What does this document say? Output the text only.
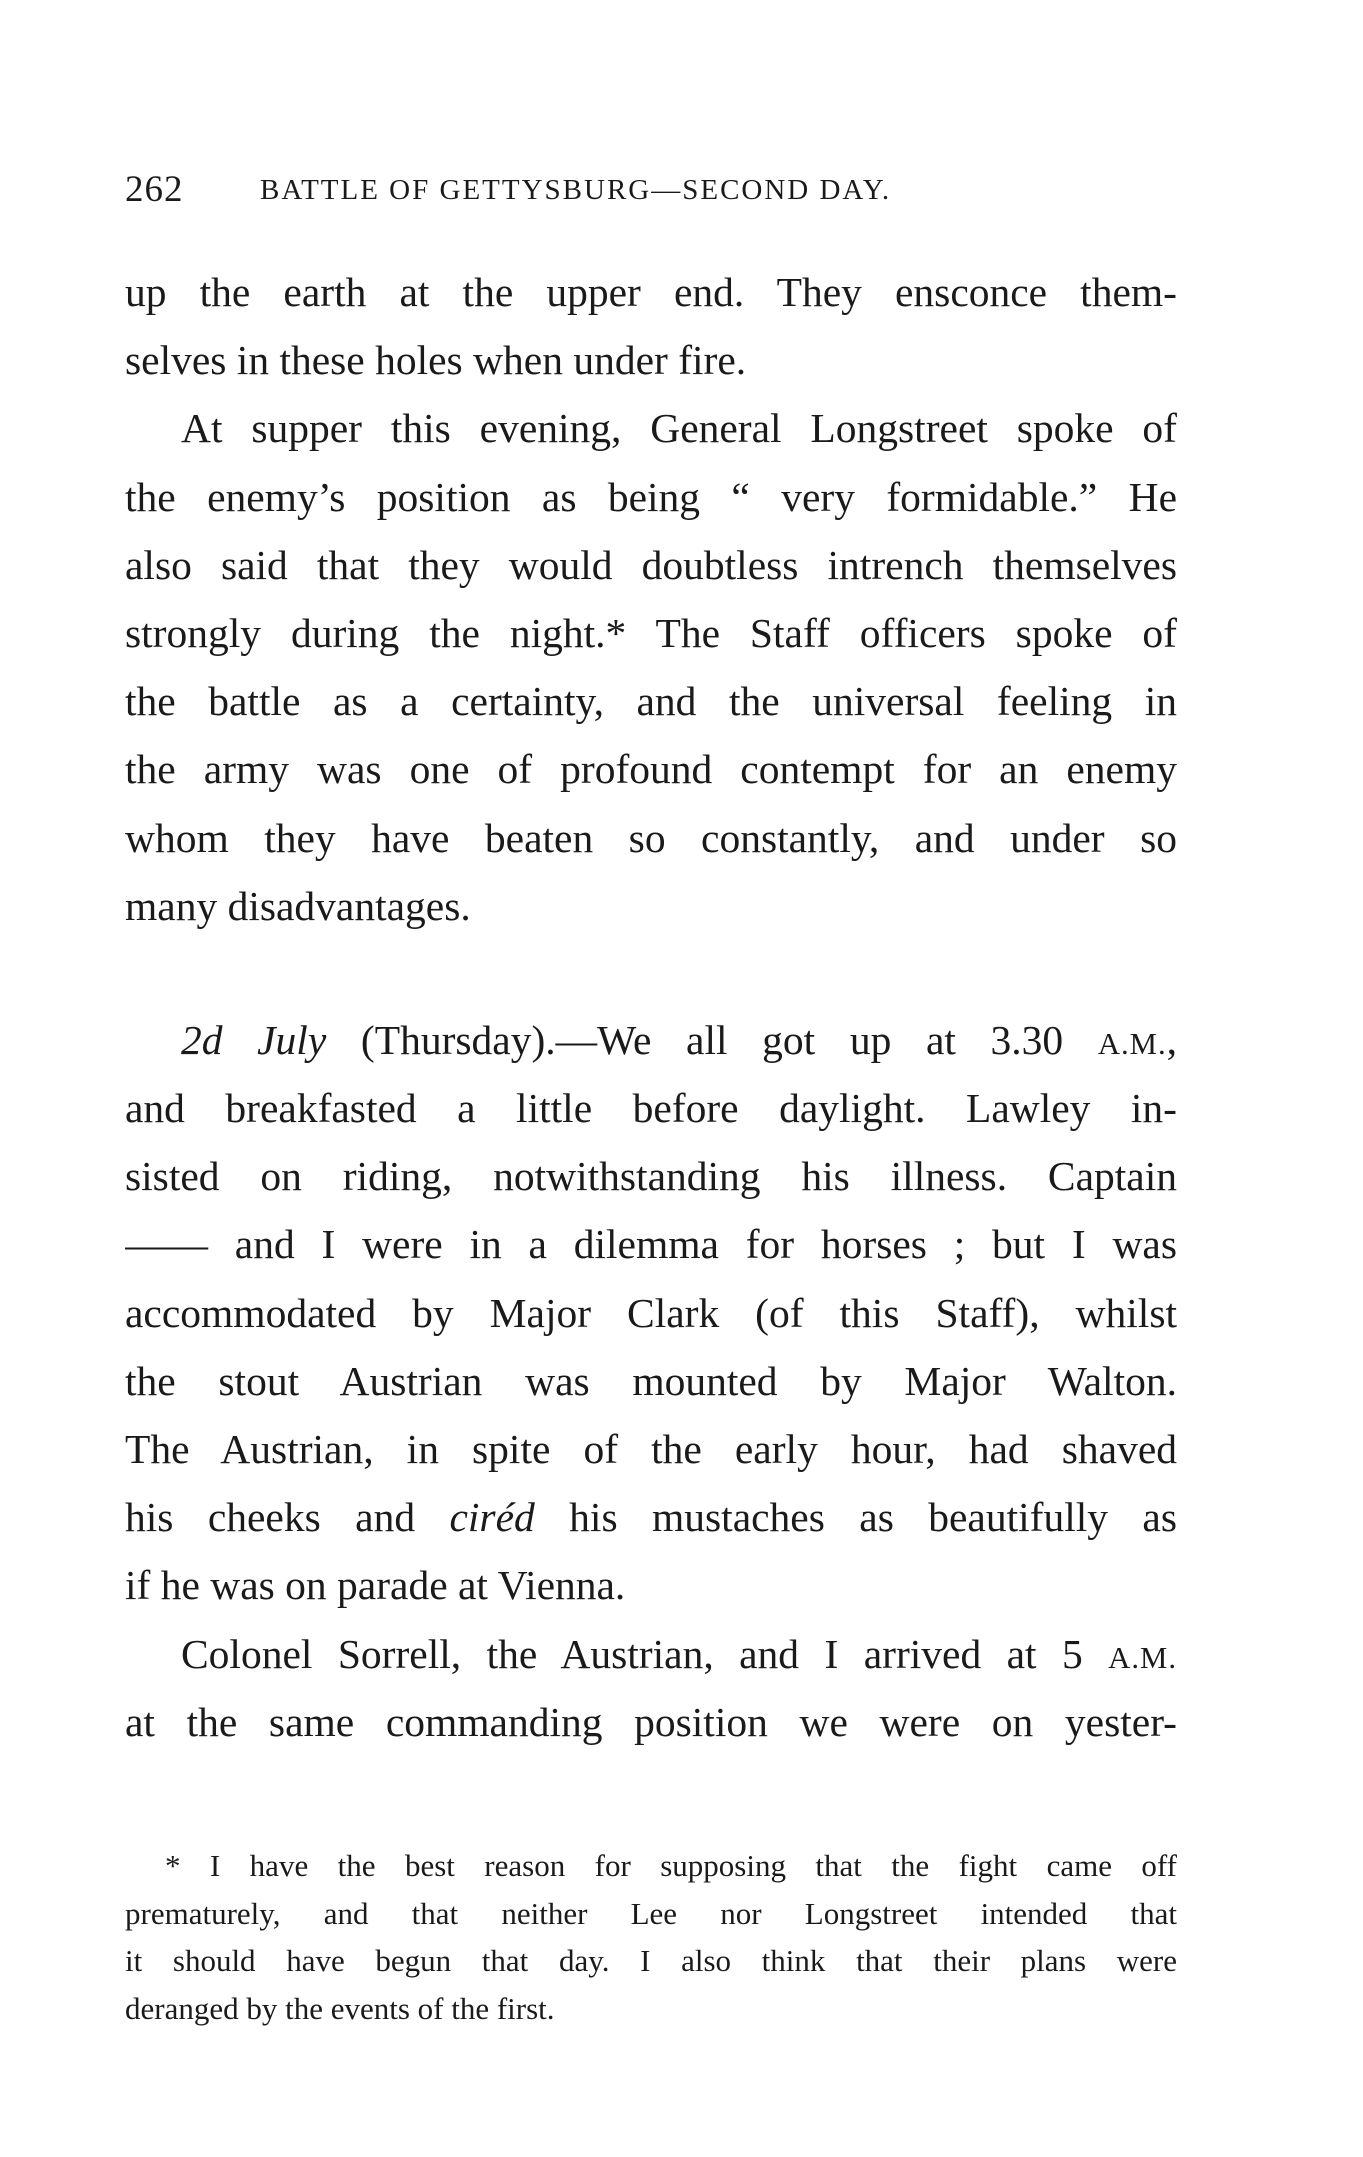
262	BATTLE OF GETTYSBURG—SECOND DAY.
up the earth at the upper end. They ensconce them-
selves in these holes when under fire.
At supper this evening, General Longstreet spoke of
the enemy’s position as being “ very formidable.” He
also said that they would doubtless intrench themselves
strongly during the night.* The Staff officers spoke of
the battle as a certainty, and the universal feeling in
the army was one of profound contempt for an enemy
whom they have beaten so constantly, and under so
many disadvantages.
2d July (Thursday).—We all got up at 3.30 A.M.,
and breakfasted a little before daylight. Lawley in-
sisted on riding, notwithstanding his illness. Captain
—— and I were in a dilemma for horses ; but I was
accommodated by Major Clark (of this Staff), whilst
the stout Austrian was mounted by Major Walton.
The Austrian, in spite of the early hour, had shaved
his cheeks and ciréd his mustaches as beautifully as
if he was on parade at Vienna.
Colonel Sorrell, the Austrian, and I arrived at 5 A.M.
at the same commanding position we were on yester-
* I have the best reason for supposing that the fight came off
prematurely, and that neither Lee nor Longstreet intended that
it should have begun that day. I also think that their plans were
deranged by the events of the first.
